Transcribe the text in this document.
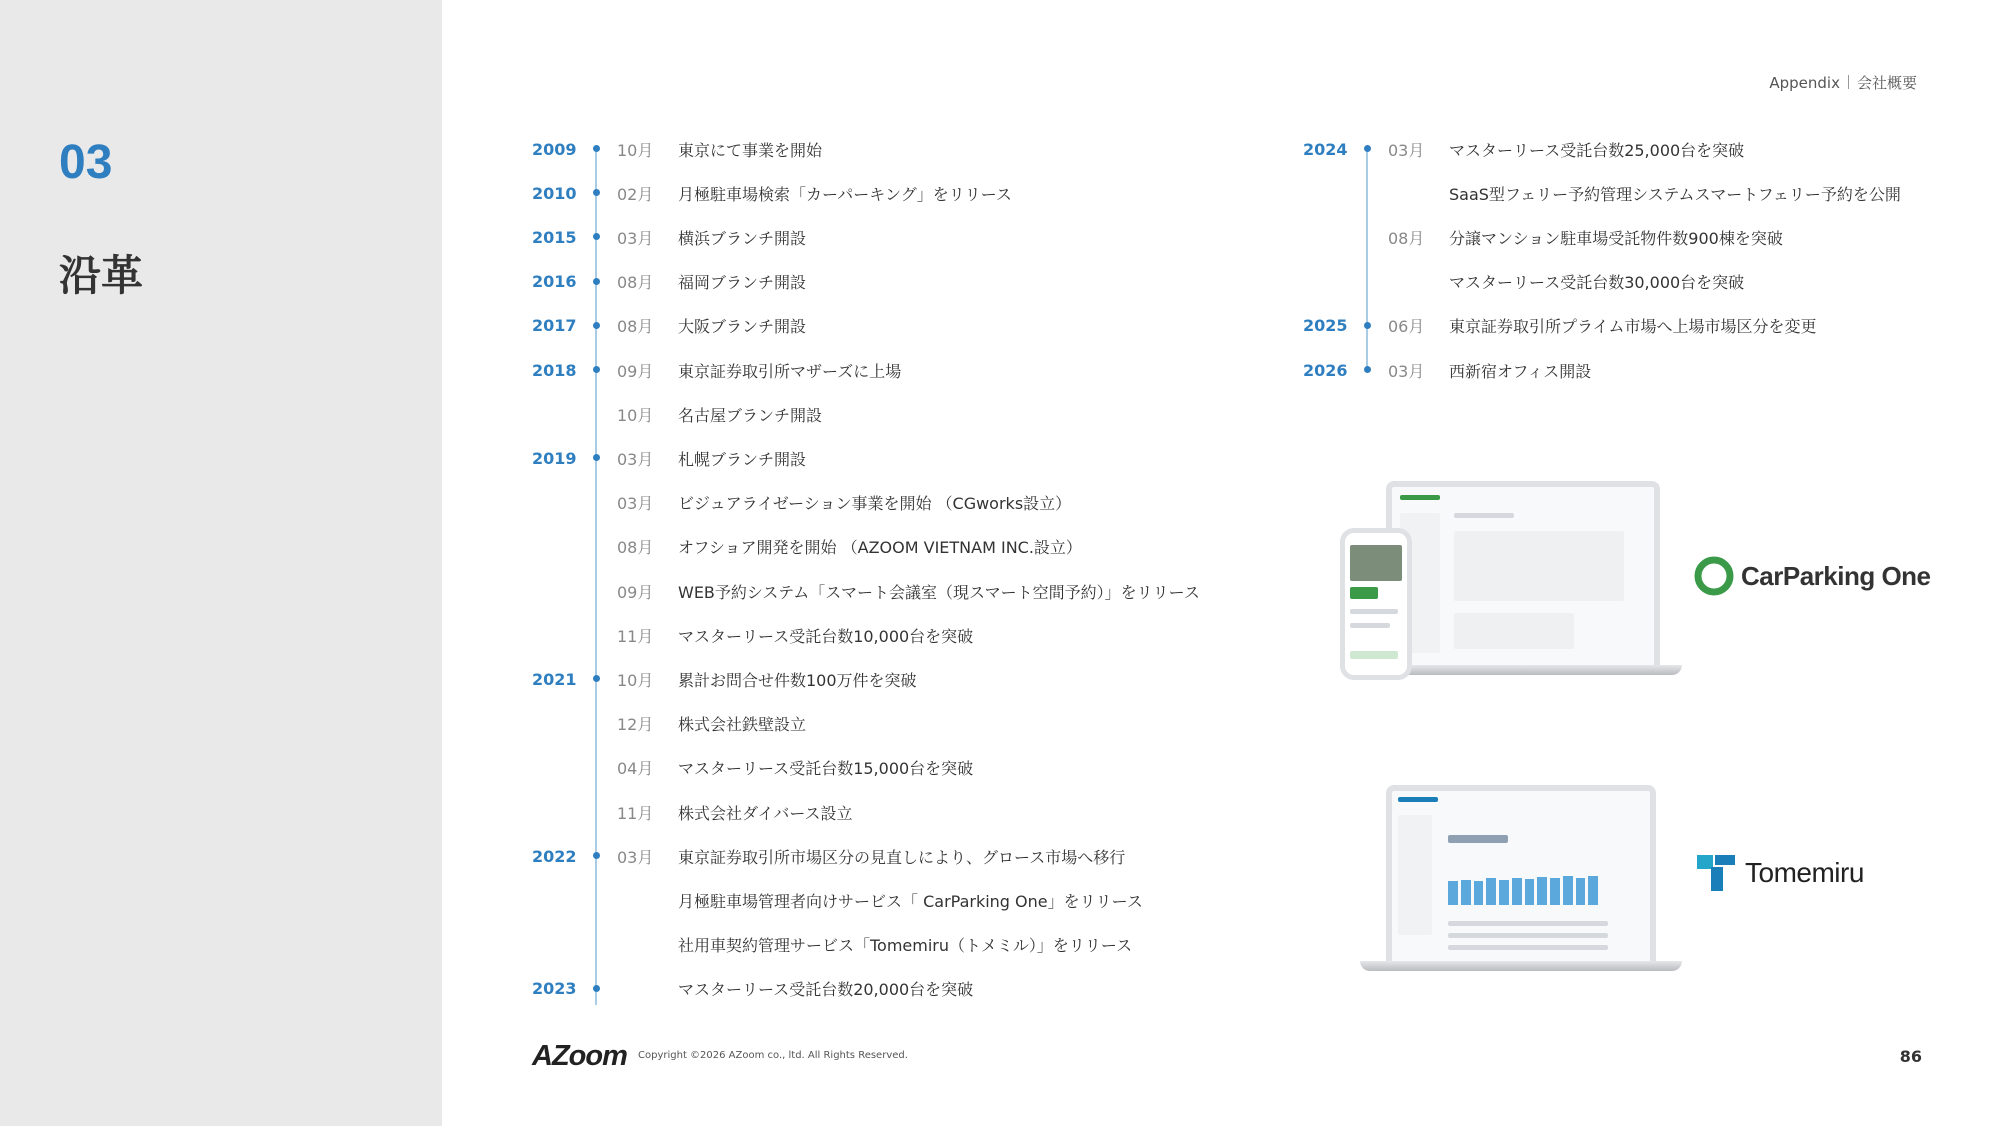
03
沿革
Appendix 会社概要
2009	10月 東京にて事業を開始
2010	02月 月極駐車場検索「カーパーキング」をリリース
2015	03月 横浜ブランチ開設
2016	08月 福岡ブランチ開設
2017	08月 大阪ブランチ開設
2018	09月 東京証券取引所マザーズに上場
10月 名古屋ブランチ開設
2019	03月 札幌ブランチ開設
03月 ビジュアライゼーション事業を開始 （CGworks設立）
08月 オフショア開発を開始 （AZOOM VIETNAM INC.設立）
09月 WEB予約システム「スマート会議室（現スマート空間予約）」をリリース
11月 マスターリース受託台数10,000台を突破
2021	10月 累計お問合せ件数100万件を突破
12月 株式会社鉄壁設立
04月 マスターリース受託台数15,000台を突破
11月 株式会社ダイバース設立
2022	03月 東京証券取引所市場区分の見直しにより、グロース市場へ移行
月極駐車場管理者向けサービス「 CarParking One」をリリース
社用車契約管理サービス「Tomemiru（トメミル）」をリリース
2023	マスターリース受託台数20,000台を突破
2024	03月 マスターリース受託台数25,000台を突破
SaaS型フェリー予約管理システムスマートフェリー予約を公開
08月 分譲マンション駐車場受託物件数900棟を突破
マスターリース受託台数30,000台を突破
2025	06月 東京証券取引所プライム市場へ上場市場区分を変更
2026	03月 西新宿オフィス開設
CarParking One
Tomemiru
AZoom Copyright ©2026 AZoom co., ltd. All Rights Reserved.	86
